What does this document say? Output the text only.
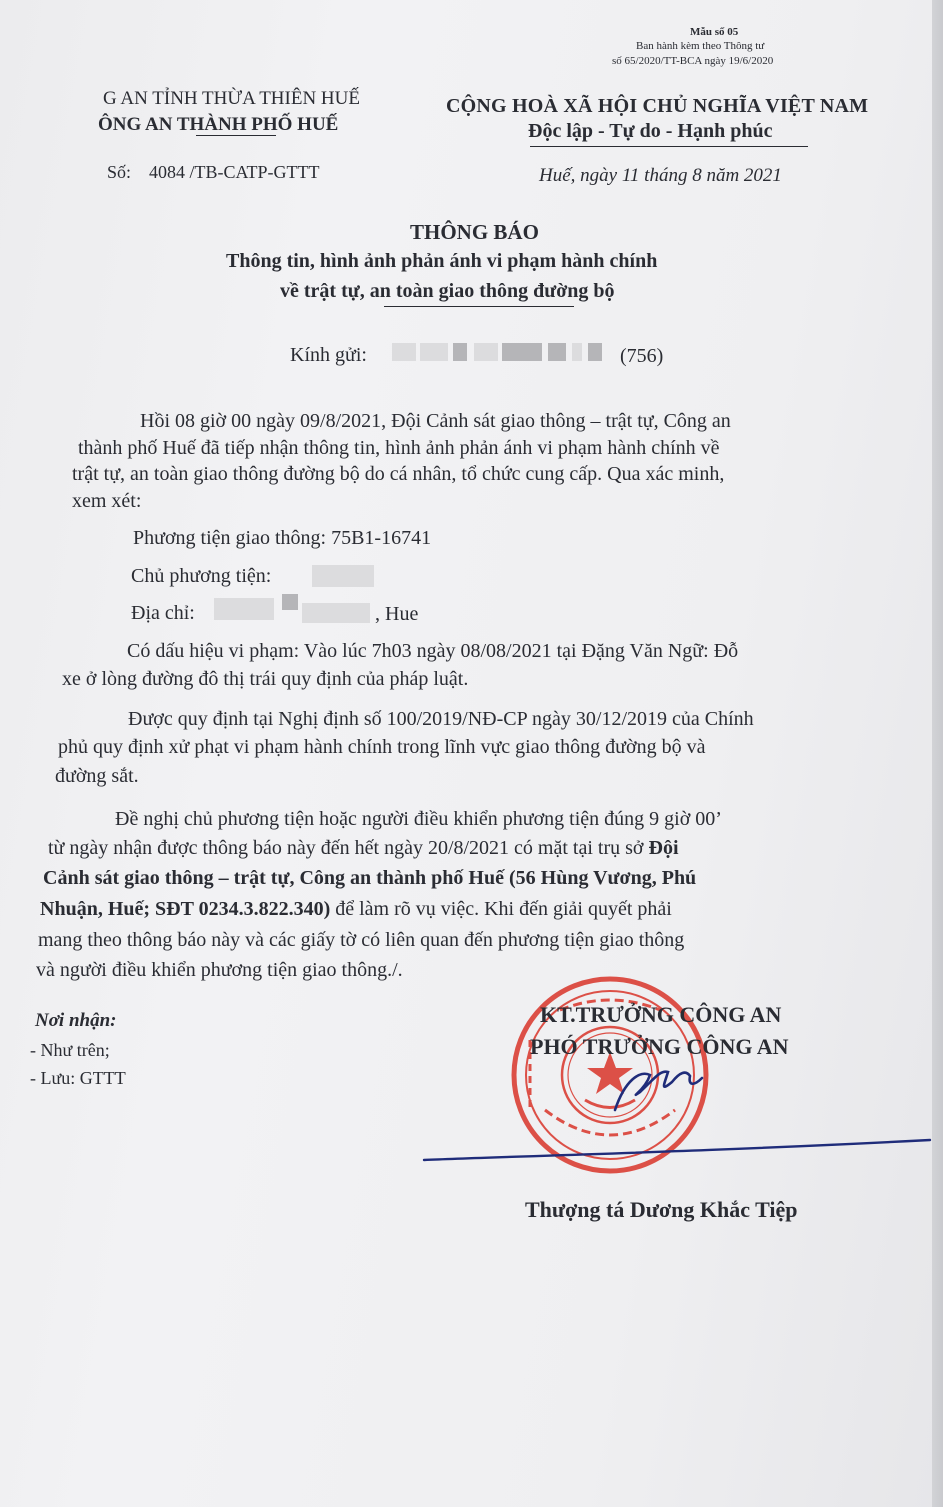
Mẫu số 05
Ban hành kèm theo Thông tư
số 65/2020/TT-BCA ngày 19/6/2020
G AN TỈNH THỪA THIÊN HUẾ
ÔNG AN THÀNH PHỐ HUẾ
CỘNG HOÀ XÃ HỘI CHỦ NGHĨA VIỆT NAM
Độc lập - Tự do - Hạnh phúc
Số: 4084 /TB-CATP-GTTT	Huế, ngày 11 tháng 8 năm 2021
THÔNG BÁO
Thông tin, hình ảnh phản ánh vi phạm hành chính
về trật tự, an toàn giao thông đường bộ
Kính gửi:	(756)
Hồi 08 giờ 00 ngày 09/8/2021, Đội Cảnh sát giao thông – trật tự, Công an
thành phố Huế đã tiếp nhận thông tin, hình ảnh phản ánh vi phạm hành chính về
trật tự, an toàn giao thông đường bộ do cá nhân, tổ chức cung cấp. Qua xác minh,
xem xét:
Phương tiện giao thông: 75B1-16741
Chủ phương tiện:
Địa chỉ:	, Hue
Có dấu hiệu vi phạm: Vào lúc 7h03 ngày 08/08/2021 tại Đặng Văn Ngữ: Đỗ
xe ở lòng đường đô thị trái quy định của pháp luật.
Được quy định tại Nghị định số 100/2019/NĐ-CP ngày 30/12/2019 của Chính
phủ quy định xử phạt vi phạm hành chính trong lĩnh vực giao thông đường bộ và
đường sắt.
Đề nghị chủ phương tiện hoặc người điều khiển phương tiện đúng 9 giờ 00’
từ ngày nhận được thông báo này đến hết ngày 20/8/2021 có mặt tại trụ sở Đội
Cảnh sát giao thông – trật tự, Công an thành phố Huế (56 Hùng Vương, Phú
Nhuận, Huế; SĐT 0234.3.822.340) để làm rõ vụ việc. Khi đến giải quyết phải
mang theo thông báo này và các giấy tờ có liên quan đến phương tiện giao thông
và người điều khiển phương tiện giao thông./.
Nơi nhận:
- Như trên;
- Lưu: GTTT
KT.TRƯỞNG CÔNG AN
PHÓ TRƯỞNG CÔNG AN
Thượng tá Dương Khắc Tiệp
